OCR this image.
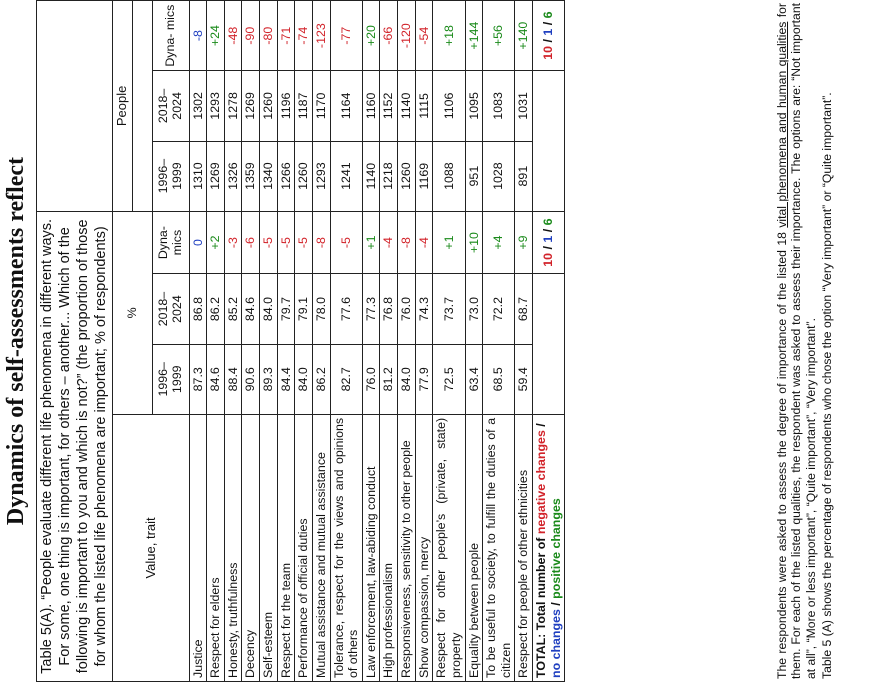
Dynamics of self-assessments reflect Table 5(A). “People evaluate different life phenomena in different ways. For some, one thing is important, for others – another... Which of the following is important to you and which is not?” (the proportion of those for whom the listed life phenomena are important; % of respondents)						
Value, trait	%			People		

	1996– 1999	2018– 2024	Dyna- mics	1996– 1999	2018– 2024	Dyna- mics
Justice	87.3	86.8	0	1310	1302	-8
Respect for elders	84.6	86.2	+2	1269	1293	+24
Honesty, truthfulness	88.4	85.2	-3	1326	1278	-48
Decency	90.6	84.6	-6	1359	1269	-90
Self-esteem	89.3	84.0	-5	1340	1260	-80
Respect for the team	84.4	79.7	-5	1266	1196	-71
Performance of official duties	84.0	79.1	-5	1260	1187	-74
Mutual assistance and mutual assistance	86.2	78.0	-8	1293	1170	-123
Tolerance, respect for the views and opinions of others	82.7	77.6	-5	1241	1164	-77
Law enforcement, law-abiding conduct	76.0	77.3	+1	1140	1160	+20
High professionalism	81.2	76.8	-4	1218	1152	-66
Responsiveness, sensitivity to other people	84.0	76.0	-8	1260	1140	-120
Show compassion, mercy	77.9	74.3	-4	1169	1115	-54
Respect for other people’s (private, state) property	72.5	73.7	+1	1088	1106	+18
Equality between people	63.4	73.0	+10	951	1095	+144
To be useful to society, to fulfill the duties of a citizen	68.5	72.2	+4	1028	1083	+56
Respect for people of other ethnicities	59.4	68.7	+9	891	1031	+140
TOTAL: Total number of negative changes / no changes / positive changes			10 / 1 / 6			10 / 1 / 6

The respondents were asked to assess the degree of importance of the listed 18 vital phenomena and human qualities for them. For each of the listed qualities, the respondent was asked to assess their importance. The options are: “Not important at all”, “More or less important”, “Quite important”, “Very important”. Table 5 (A) shows the percentage of respondents who chose the option “Very important” or “Quite important”.
